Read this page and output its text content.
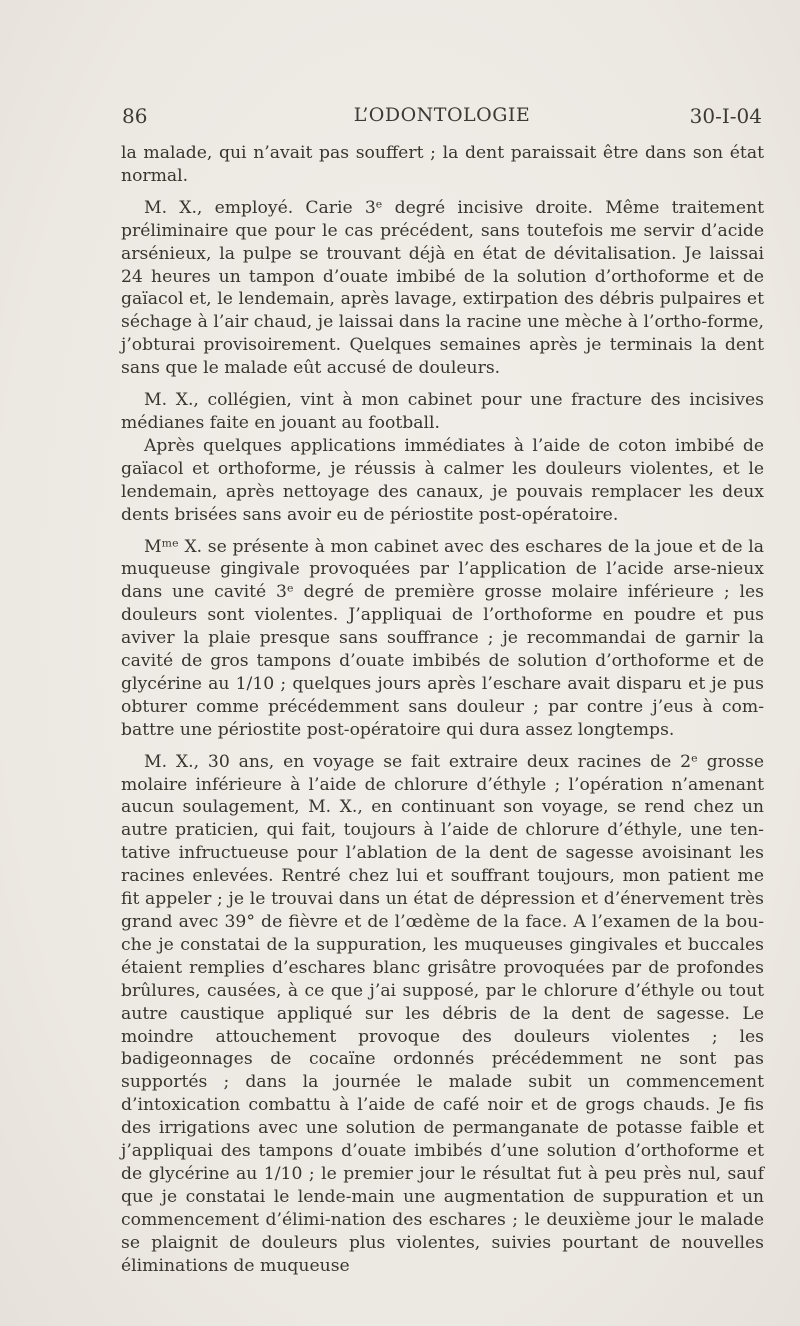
86	L’ODONTOLOGIE	30-I-04

la malade, qui n’avait pas souffert ; la dent paraissait être dans son état normal.

M. X., employé. Carie 3ᵉ degré incisive droite. Même traitement préliminaire que pour le cas précédent, sans toutefois me servir d’acide arsénieux, la pulpe se trouvant déjà en état de dévitalisation. Je laissai 24 heures un tampon d’ouate imbibé de la solution d’orthoforme et de gaïacol et, le lendemain, après lavage, extirpation des débris pulpaires et séchage à l’air chaud, je laissai dans la racine une mèche à l’ortho-forme, j’obturai provisoirement. Quelques semaines après je terminais la dent sans que le malade eût accusé de douleurs.

M. X., collégien, vint à mon cabinet pour une fracture des incisives médianes faite en jouant au football.

Après quelques applications immédiates à l’aide de coton imbibé de gaïacol et orthoforme, je réussis à calmer les douleurs violentes, et le lendemain, après nettoyage des canaux, je pouvais remplacer les deux dents brisées sans avoir eu de périostite post-opératoire.

Mᵐᵉ X. se présente à mon cabinet avec des eschares de la joue et de la muqueuse gingivale provoquées par l’application de l’acide arse-nieux dans une cavité 3ᵉ degré de première grosse molaire inférieure ; les douleurs sont violentes. J’appliquai de l’orthoforme en poudre et pus aviver la plaie presque sans souffrance ; je recommandai de garnir la cavité de gros tampons d’ouate imbibés de solution d’orthoforme et de glycérine au 1/10 ; quelques jours après l’eschare avait disparu et je pus obturer comme précédemment sans douleur ; par contre j’eus à com-battre une périostite post-opératoire qui dura assez longtemps.

M. X., 30 ans, en voyage se fait extraire deux racines de 2ᵉ grosse molaire inférieure à l’aide de chlorure d’éthyle ; l’opération n’amenant aucun soulagement, M. X., en continuant son voyage, se rend chez un autre praticien, qui fait, toujours à l’aide de chlorure d’éthyle, une ten-tative infructueuse pour l’ablation de la dent de sagesse avoisinant les racines enlevées. Rentré chez lui et souffrant toujours, mon patient me fit appeler ; je le trouvai dans un état de dépression et d’énervement très grand avec 39° de fièvre et de l’œdème de la face. A l’examen de la bou-che je constatai de la suppuration, les muqueuses gingivales et buccales étaient remplies d’eschares blanc grisâtre provoquées par de profondes brûlures, causées, à ce que j’ai supposé, par le chlorure d’éthyle ou tout autre caustique appliqué sur les débris de la dent de sagesse. Le moindre attouchement provoque des douleurs violentes ; les badigeonnages de cocaïne ordonnés précédemment ne sont pas supportés ; dans la journée le malade subit un commencement d’intoxication combattu à l’aide de café noir et de grogs chauds. Je fis des irrigations avec une solution de permanganate de potasse faible et j’appliquai des tampons d’ouate imbibés d’une solution d’orthoforme et de glycérine au 1/10 ; le premier jour le résultat fut à peu près nul, sauf que je constatai le lende-main une augmentation de suppuration et un commencement d’élimi-nation des eschares ; le deuxième jour le malade se plaignit de douleurs plus violentes, suivies pourtant de nouvelles éliminations de muqueuse
